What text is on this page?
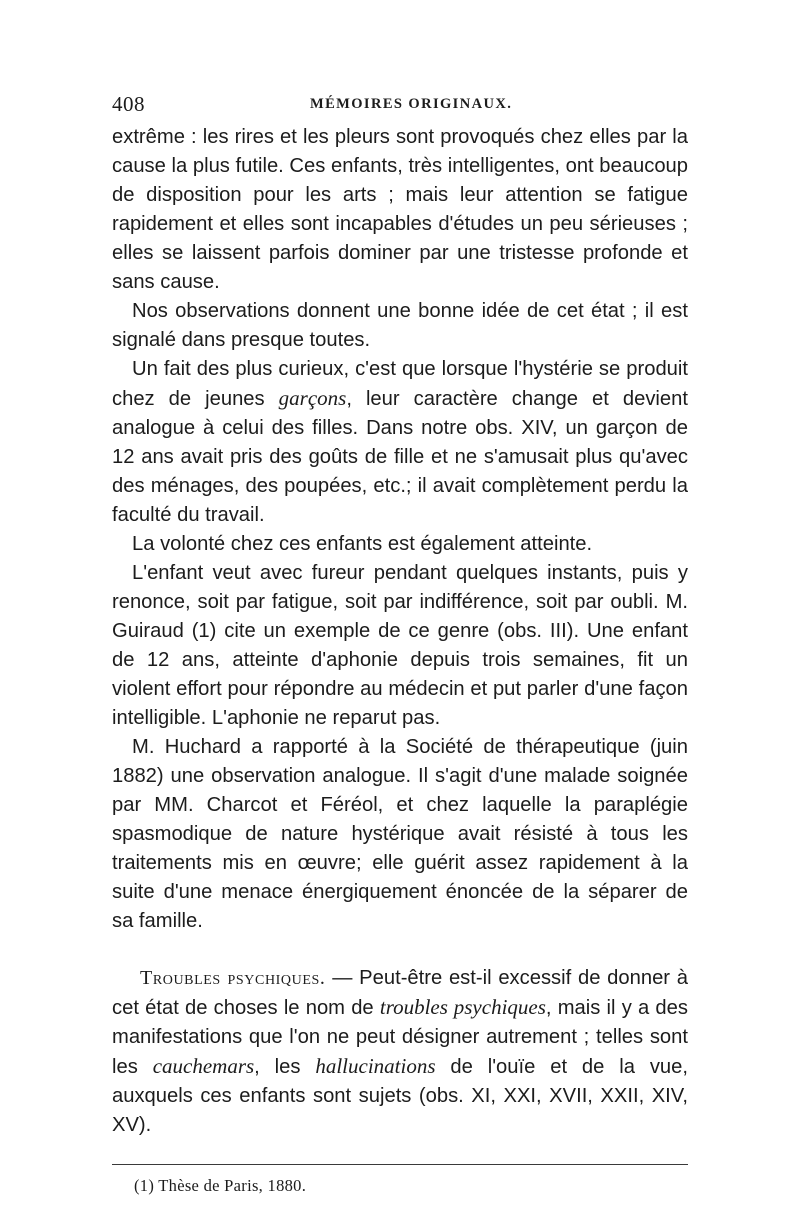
408	MÉMOIRES ORIGINAUX.

extrême : les rires et les pleurs sont provoqués chez elles par la cause la plus futile. Ces enfants, très intelligentes, ont beaucoup de disposition pour les arts ; mais leur attention se fatigue rapidement et elles sont incapables d'études un peu sérieuses ; elles se laissent parfois dominer par une tristesse profonde et sans cause.

Nos observations donnent une bonne idée de cet état ; il est signalé dans presque toutes.

Un fait des plus curieux, c'est que lorsque l'hystérie se produit chez de jeunes garçons, leur caractère change et devient analogue à celui des filles. Dans notre obs. XIV, un garçon de 12 ans avait pris des goûts de fille et ne s'amusait plus qu'avec des ménages, des poupées, etc.; il avait complètement perdu la faculté du travail.

La volonté chez ces enfants est également atteinte.

L'enfant veut avec fureur pendant quelques instants, puis y renonce, soit par fatigue, soit par indifférence, soit par oubli. M. Guiraud (1) cite un exemple de ce genre (obs. III). Une enfant de 12 ans, atteinte d'aphonie depuis trois semaines, fit un violent effort pour répondre au médecin et put parler d'une façon intelligible. L'aphonie ne reparut pas.

M. Huchard a rapporté à la Société de thérapeutique (juin 1882) une observation analogue. Il s'agit d'une malade soignée par MM. Charcot et Féréol, et chez laquelle la paraplégie spasmodique de nature hystérique avait résisté à tous les traitements mis en œuvre; elle guérit assez rapidement à la suite d'une menace énergiquement énoncée de la séparer de sa famille.

Troubles psychiques. — Peut-être est-il excessif de donner à cet état de choses le nom de troubles psychiques, mais il y a des manifestations que l'on ne peut désigner autrement ; telles sont les cauchemars, les hallucinations de l'ouïe et de la vue, auxquels ces enfants sont sujets (obs. XI, XXI, XVII, XXII, XIV, XV).

(1) Thèse de Paris, 1880.
